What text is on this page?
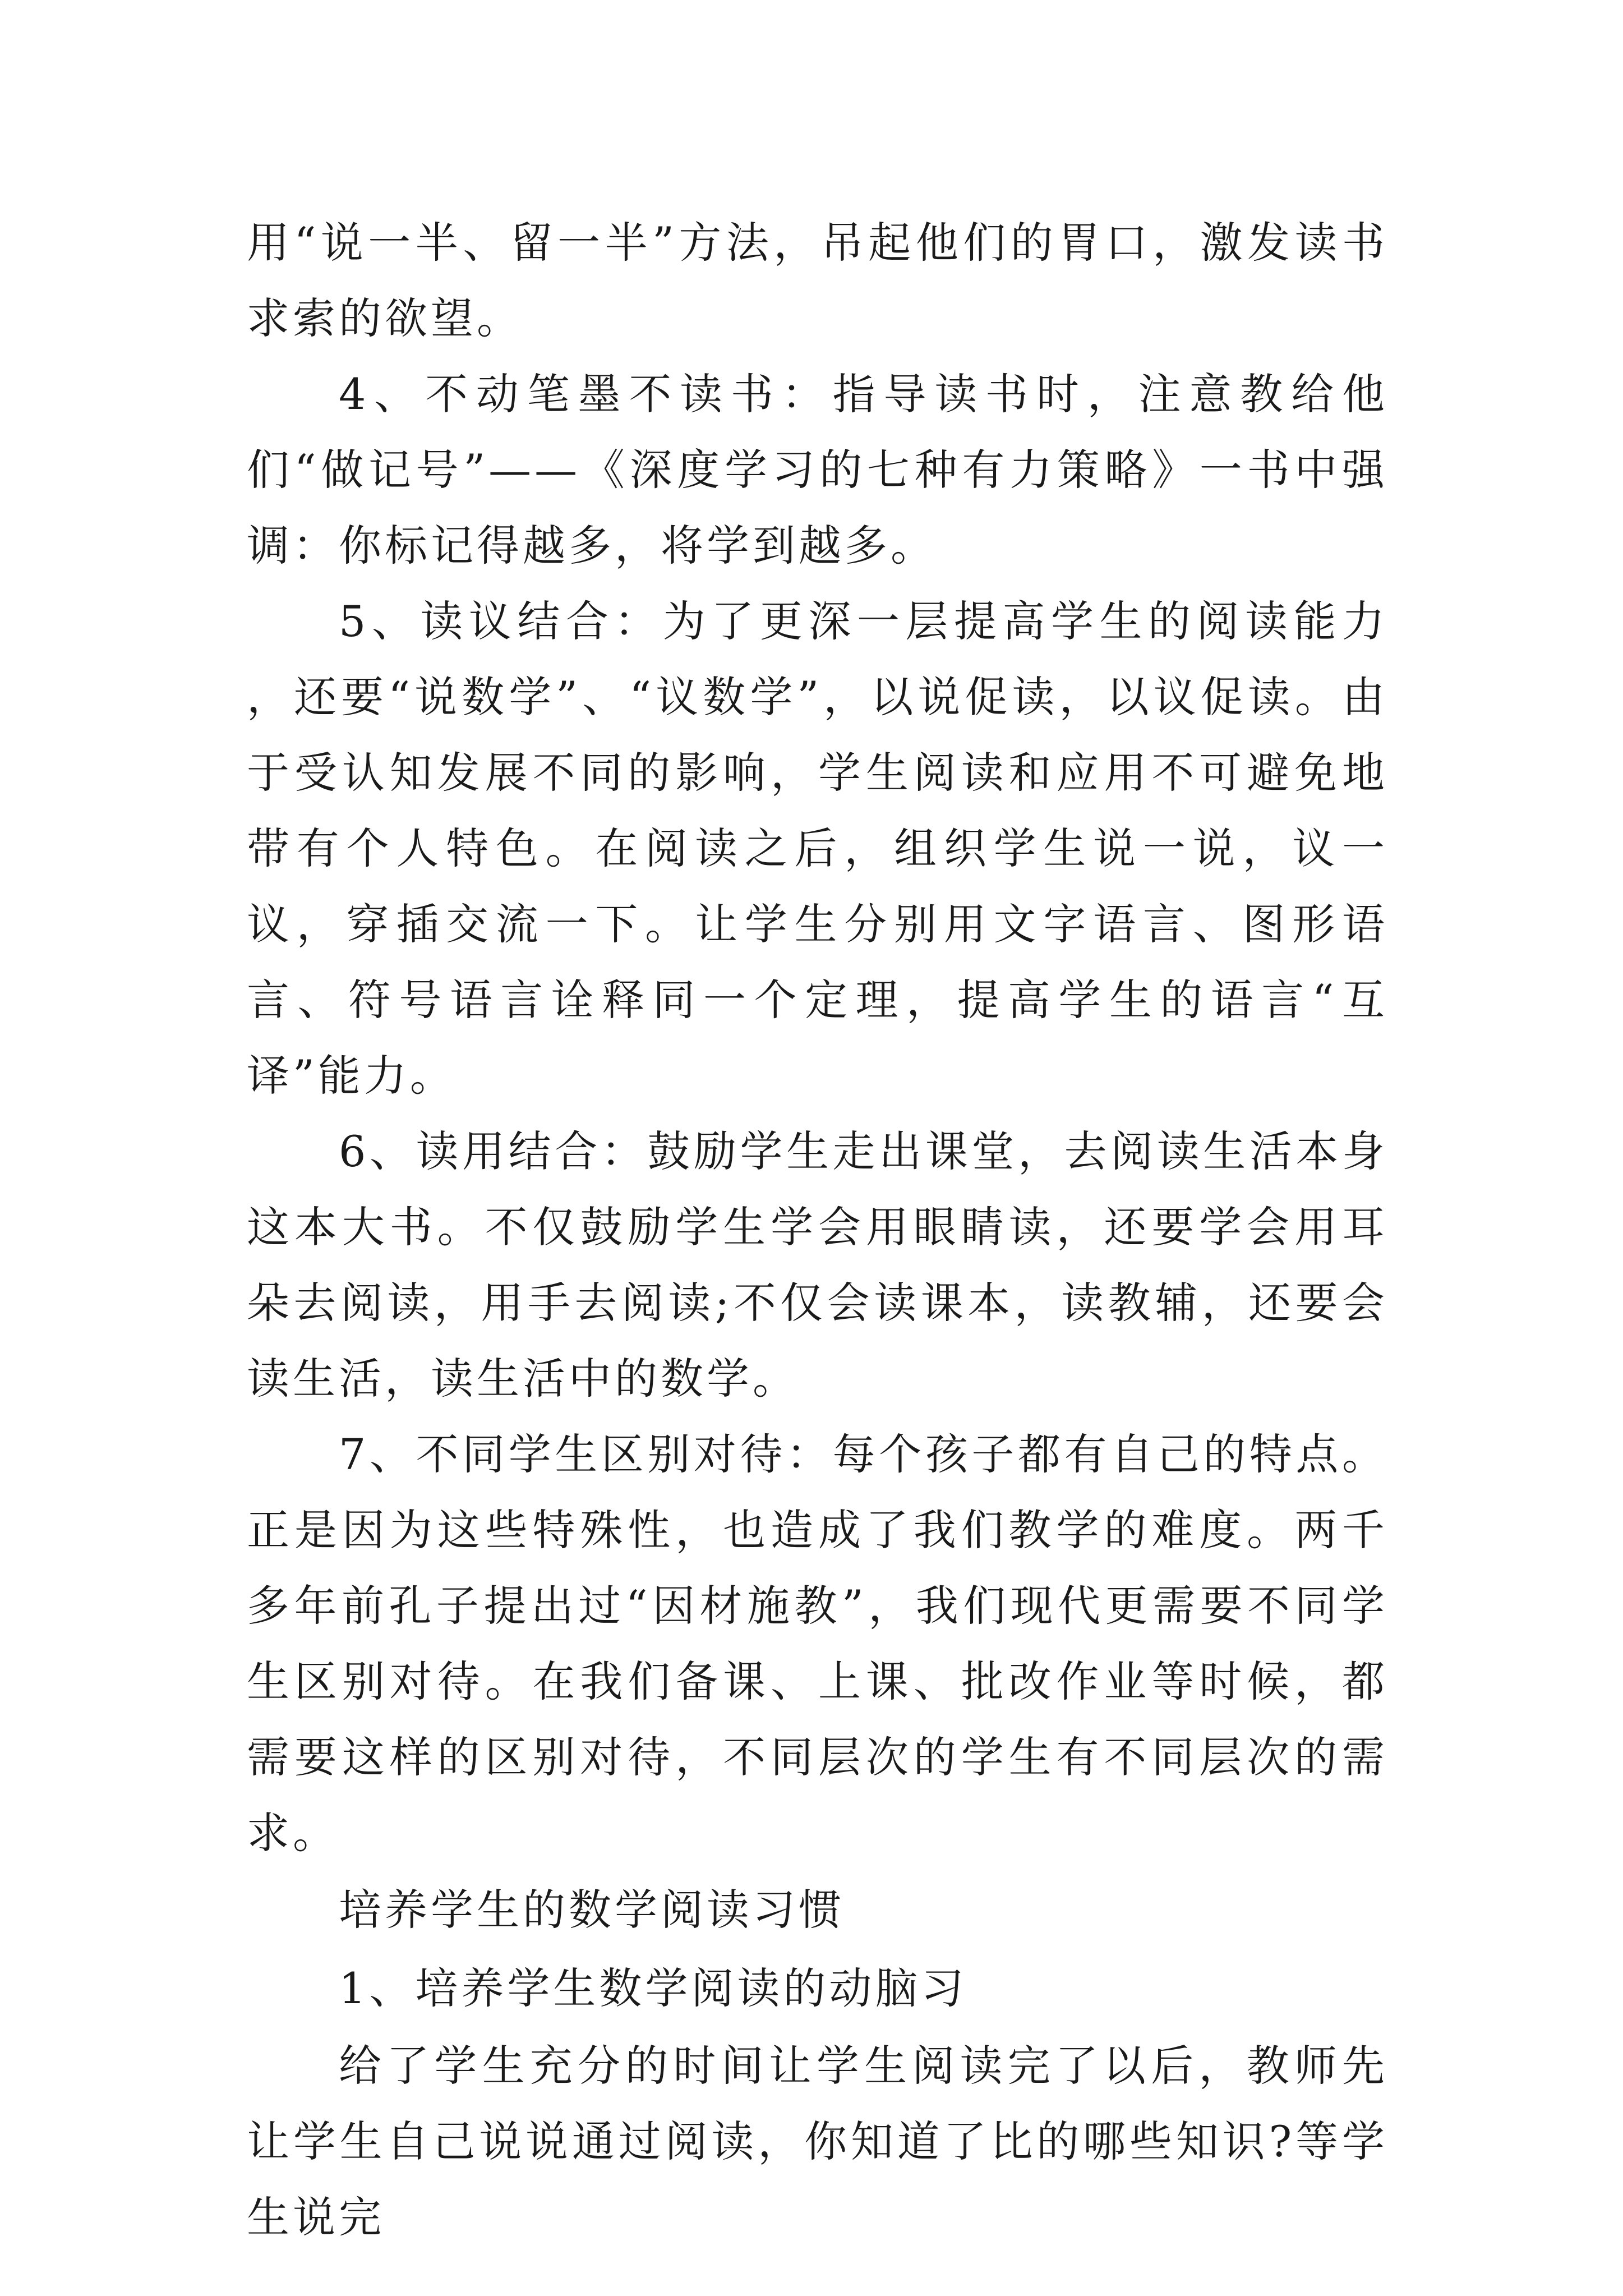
用“说一半、留一半”方法，吊起他们的胃口，激发读书求索的欲望。

4、不动笔墨不读书：指导读书时，注意教给他们“做记号”——《深度学习的七种有力策略》一书中强调：你标记得越多，将学到越多。

5、读议结合：为了更深一层提高学生的阅读能力 ，还要“说数学”、“议数学”，以说促读，以议促读。由于受认知发展不同的影响，学生阅读和应用不可避免地带有个人特色。在阅读之后，组织学生说一说，议一议，穿插交流一下。让学生分别用文字语言、图形语言、符号语言诠释同一个定理，提高学生的语言“互译”能力。

6、读用结合：鼓励学生走出课堂，去阅读生活本身这本大书。不仅鼓励学生学会用眼睛读，还要学会用耳朵去阅读，用手去阅读;不仅会读课本，读教辅，还要会读生活，读生活中的数学。

7、不同学生区别对待：每个孩子都有自己的特点。正是因为这些特殊性，也造成了我们教学的难度。两千多年前孔子提出过“因材施教”，我们现代更需要不同学生区别对待。在我们备课、上课、批改作业等时候，都需要这样的区别对待，不同层次的学生有不同层次的需求。

培养学生的数学阅读习惯

1、培养学生数学阅读的动脑习

给了学生充分的时间让学生阅读完了以后，教师先让学生自己说说通过阅读，你知道了比的哪些知识?等学生说完
